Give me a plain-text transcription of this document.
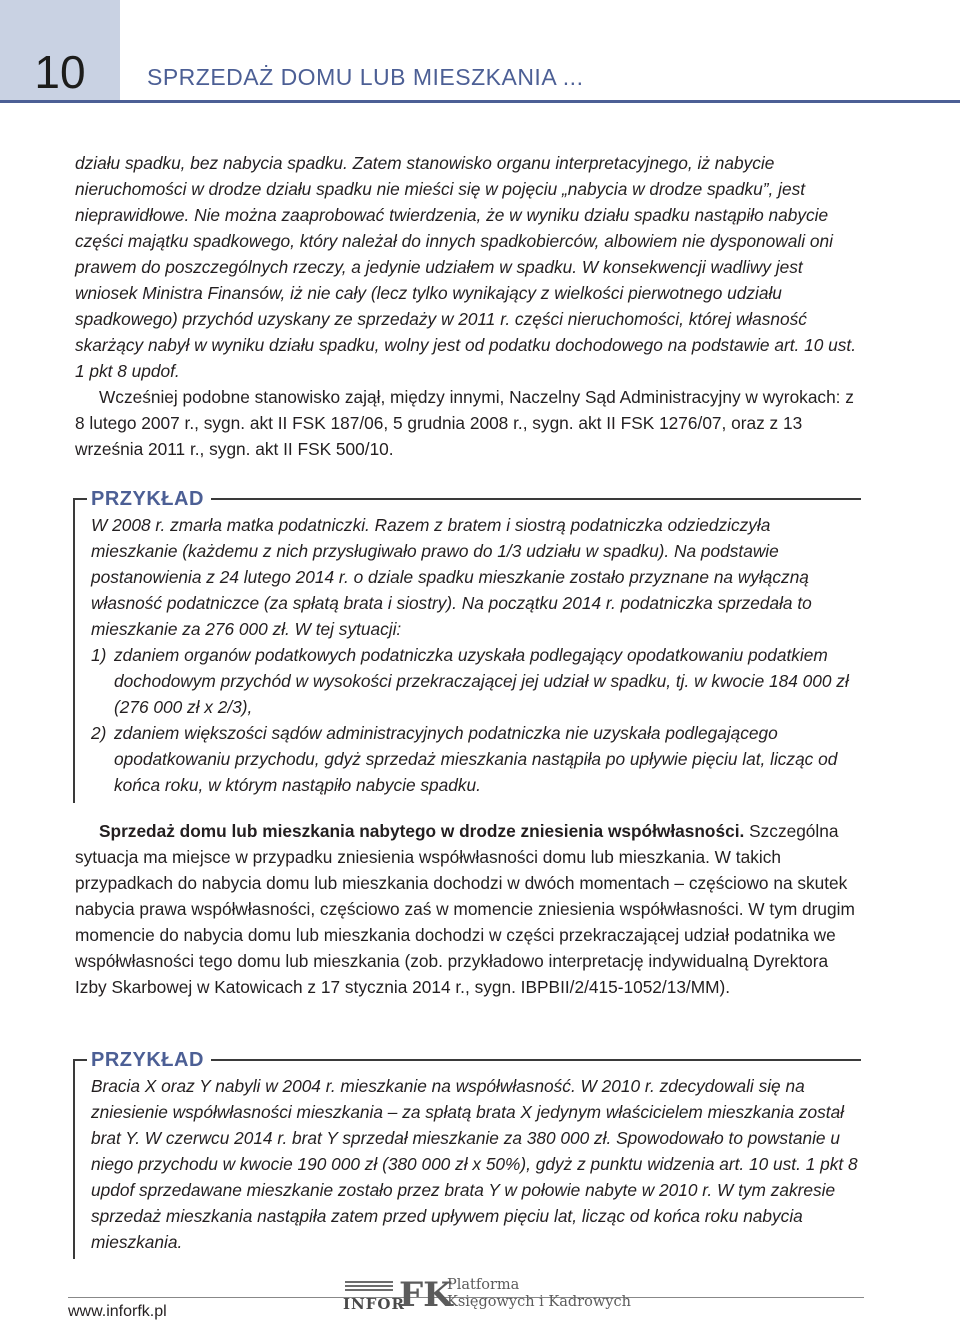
10	SPRZEDAŻ DOMU LUB MIESZKANIA ...

działu spadku, bez nabycia spadku. Zatem stanowisko organu interpretacyjnego, iż nabycie nieruchomości w drodze działu spadku nie mieści się w pojęciu „nabycia w drodze spadku”, jest nieprawidłowe. Nie można zaaprobować twierdzenia, że w wyniku działu spadku nastąpiło nabycie części majątku spadkowego, który należał do innych spadkobierców, albowiem nie dysponowali oni prawem do poszczególnych rzeczy, a jedynie udziałem w spadku. W konsekwencji wadliwy jest wniosek Ministra Finansów, iż nie cały (lecz tylko wynikający z wielkości pierwotnego udziału spadkowego) przychód uzyskany ze sprzedaży w 2011 r. części nieruchomości, której własność skarżący nabył w wyniku działu spadku, wolny jest od podatku dochodowego na podstawie art. 10 ust. 1 pkt 8 updof.

Wcześniej podobne stanowisko zajął, między innymi, Naczelny Sąd Administracyjny w wyrokach: z 8 lutego 2007 r., sygn. akt II FSK 187/06, 5 grudnia 2008 r., sygn. akt II FSK 1276/07, oraz z 13 września 2011 r., sygn. akt II FSK 500/10.

PRZYKŁAD

W 2008 r. zmarła matka podatniczki. Razem z bratem i siostrą podatniczka odziedziczyła mieszkanie (każdemu z nich przysługiwało prawo do 1/3 udziału w spadku). Na podstawie postanowienia z 24 lutego 2014 r. o dziale spadku mieszkanie zostało przyznane na wyłączną własność podatniczce (za spłatą brata i siostry). Na początku 2014 r. podatniczka sprzedała to mieszkanie za 276 000 zł. W tej sytuacji:

1) zdaniem organów podatkowych podatniczka uzyskała podlegający opodatkowaniu podatkiem dochodowym przychód w wysokości przekraczającej jej udział w spadku, tj. w kwocie 184 000 zł (276 000 zł x 2/3),

2) zdaniem większości sądów administracyjnych podatniczka nie uzyskała podlegającego opodatkowaniu przychodu, gdyż sprzedaż mieszkania nastąpiła po upływie pięciu lat, licząc od końca roku, w którym nastąpiło nabycie spadku.

Sprzedaż domu lub mieszkania nabytego w drodze zniesienia współwłasności. Szczególna sytuacja ma miejsce w przypadku zniesienia współwłasności domu lub mieszkania. W takich przypadkach do nabycia domu lub mieszkania dochodzi w dwóch momentach – częściowo na skutek nabycia prawa współwłasności, częściowo zaś w momencie zniesienia współwłasności. W tym drugim momencie do nabycia domu lub mieszkania dochodzi w części przekraczającej udział podatnika we współwłasności tego domu lub mieszkania (zob. przykładowo interpretację indywidualną Dyrektora Izby Skarbowej w Katowicach z 17 stycznia 2014 r., sygn. IBPBII/2/415-1052/13/MM).

PRZYKŁAD

Bracia X oraz Y nabyli w 2004 r. mieszkanie na współwłasność. W 2010 r. zdecydowali się na zniesienie współwłasności mieszkania – za spłatą brata X jedynym właścicielem mieszkania został brat Y. W czerwcu 2014 r. brat Y sprzedał mieszkanie za 380 000 zł. Spowodowało to powstanie u niego przychodu w kwocie 190 000 zł (380 000 zł x 50%), gdyż z punktu widzenia art. 10 ust. 1 pkt 8 updof sprzedawane mieszkanie zostało przez brata Y w połowie nabyte w 2010 r. W tym zakresie sprzedaż mieszkania nastąpiła zatem przed upływem pięciu lat, licząc od końca roku nabycia mieszkania.

INFOR
FK
Platforma
Księgowych i Kadrowych
www.inforfk.pl
